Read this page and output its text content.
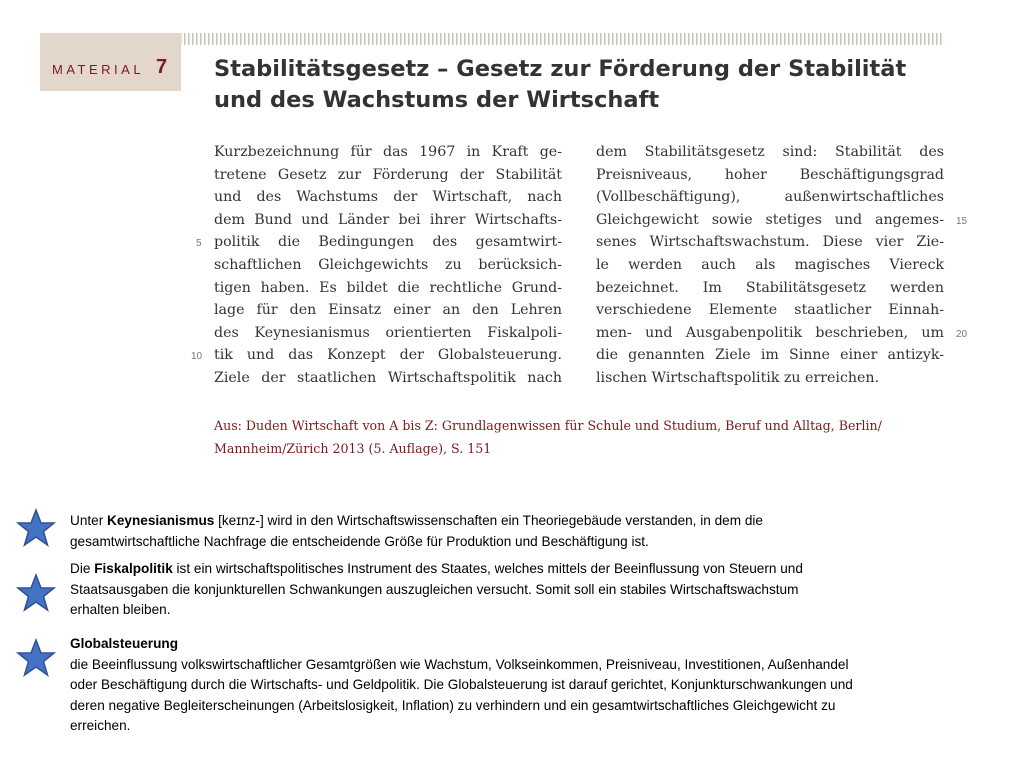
MATERIAL 7 Stabilitätsgesetz – Gesetz zur Förderung der Stabilität und des Wachstums der Wirtschaft
Kurzbezeichnung für das 1967 in Kraft ge-
tretene Gesetz zur Förderung der Stabilität
und des Wachstums der Wirtschaft, nach
dem Bund und Länder bei ihrer Wirtschafts-
politik die Bedingungen des gesamtwirt-
schaftlichen Gleichgewichts zu berücksich-
tigen haben. Es bildet die rechtliche Grund-
lage für den Einsatz einer an den Lehren
des Keynesianismus orientierten Fiskalpoli-
tik und das Konzept der Globalsteuerung.
Ziele der staatlichen Wirtschaftspolitik nach
dem Stabilitätsgesetz sind: Stabilität des
Preisniveaus, hoher Beschäftigungsgrad
(Vollbeschäftigung), außenwirtschaftliches
Gleichgewicht sowie stetiges und angemes-
senes Wirtschaftswachstum. Diese vier Zie-
le werden auch als magisches Viereck
bezeichnet. Im Stabilitätsgesetz werden
verschiedene Elemente staatlicher Einnah-
men- und Ausgabenpolitik beschrieben, um
die genannten Ziele im Sinne einer antizyk-
lischen Wirtschaftspolitik zu erreichen.
5
10
15
20
Aus: Duden Wirtschaft von A bis Z: Grundlagenwissen für Schule und Studium, Beruf und Alltag, Berlin/
Mannheim/Zürich 2013 (5. Auflage), S. 151
Unter Keynesianismus [keɪnz-] wird in den Wirtschaftswissenschaften ein Theoriegebäude verstanden, in dem die
gesamtwirtschaftliche Nachfrage die entscheidende Größe für Produktion und Beschäftigung ist.
Die Fiskalpolitik ist ein wirtschaftspolitisches Instrument des Staates, welches mittels der Beeinflussung von Steuern und
Staatsausgaben die konjunkturellen Schwankungen auszugleichen versucht. Somit soll ein stabiles Wirtschaftswachstum
erhalten bleiben.
Globalsteuerung
die Beeinflussung volkswirtschaftlicher Gesamtgrößen wie Wachstum, Volkseinkommen, Preisniveau, Investitionen, Außenhandel
oder Beschäftigung durch die Wirtschafts- und Geldpolitik. Die Globalsteuerung ist darauf gerichtet, Konjunkturschwankungen und
deren negative Begleiterscheinungen (Arbeitslosigkeit, Inflation) zu verhindern und ein gesamtwirtschaftliches Gleichgewicht zu
erreichen.
